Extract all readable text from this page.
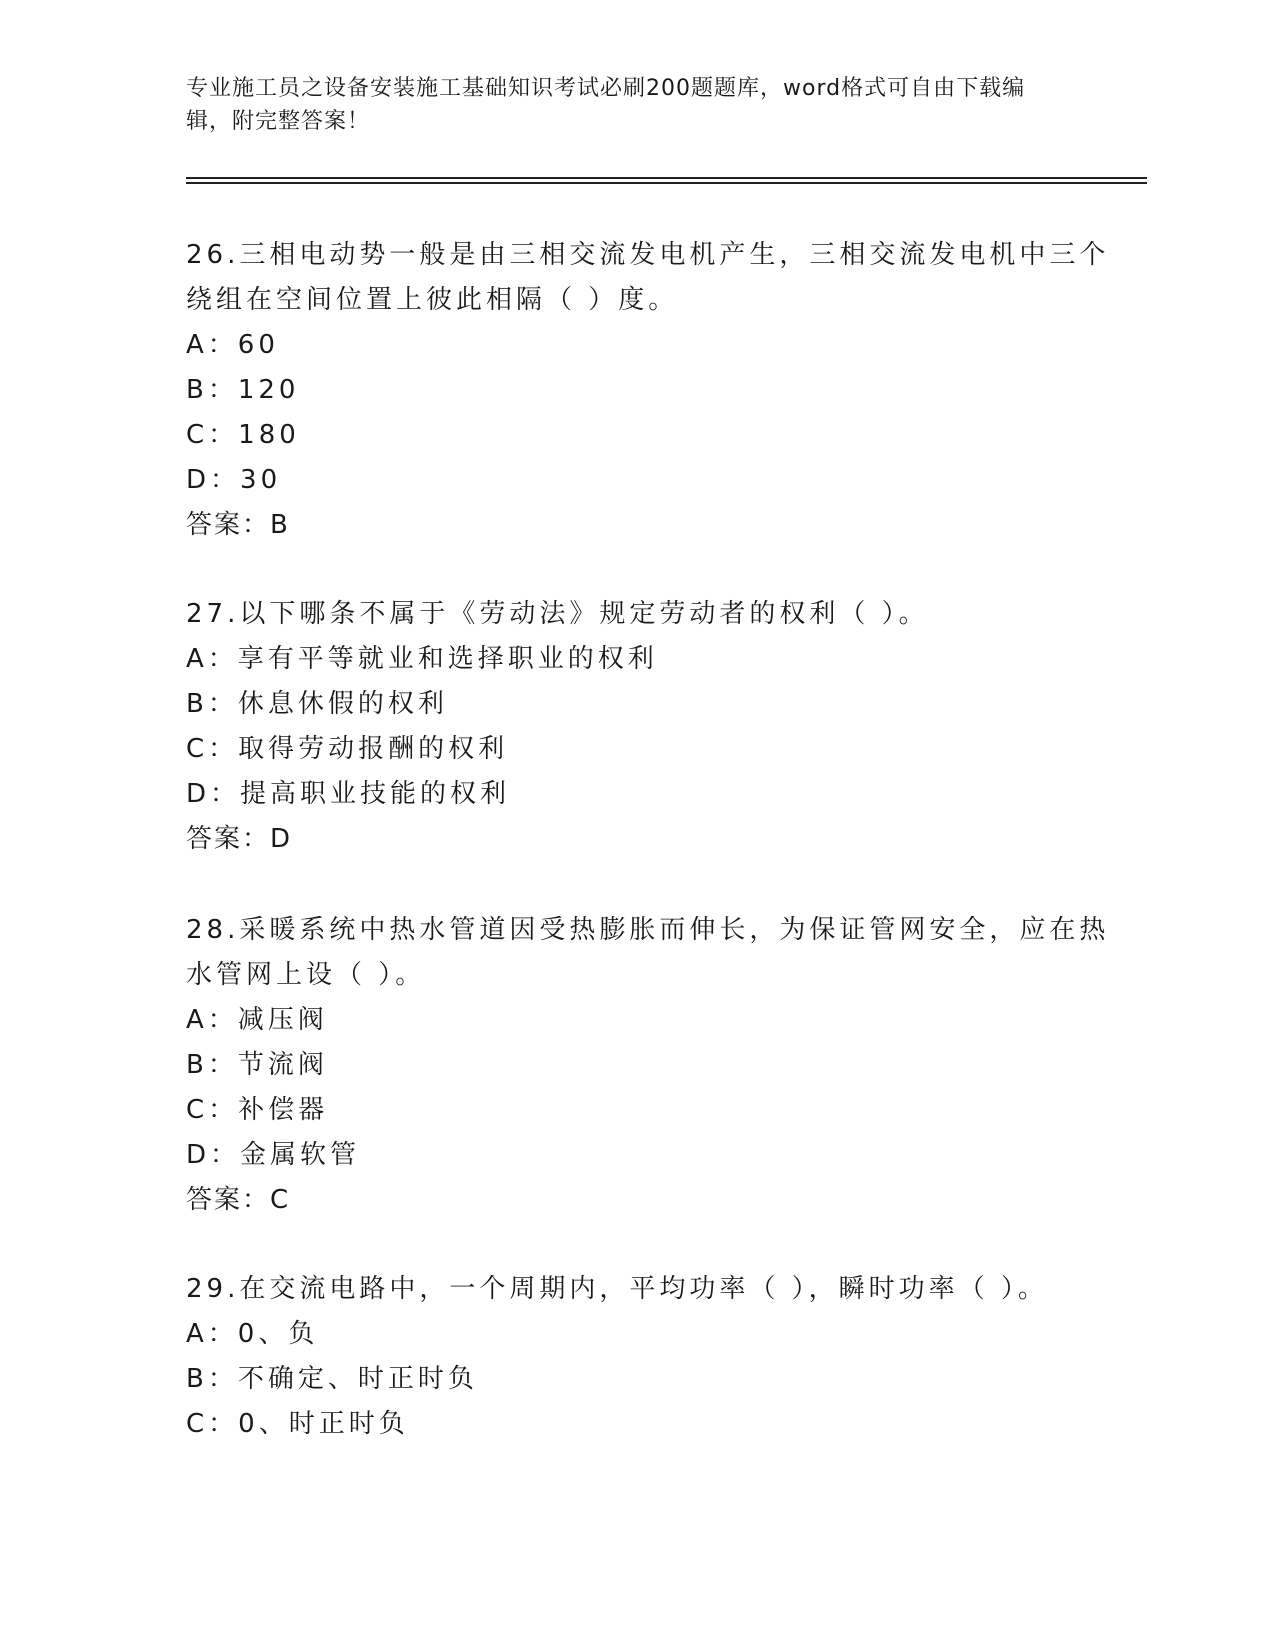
专业施工员之设备安装施工基础知识考试必刷200题题库，word格式可自由下载编辑，附完整答案！

26.三相电动势一般是由三相交流发电机产生，三相交流发电机中三个

绕组在空间位置上彼此相隔（ ）度。

A：60

B：120

C：180

D：30

答案：B

27.以下哪条不属于《劳动法》规定劳动者的权利（ ）。

A：享有平等就业和选择职业的权利

B：休息休假的权利

C：取得劳动报酬的权利

D：提高职业技能的权利

答案：D

28.采暖系统中热水管道因受热膨胀而伸长，为保证管网安全，应在热

水管网上设（ ）。

A：减压阀

B：节流阀

C：补偿器

D：金属软管

答案：C

29.在交流电路中，一个周期内，平均功率（ ），瞬时功率（ ）。

A：0、负

B：不确定、时正时负

C：0、时正时负
